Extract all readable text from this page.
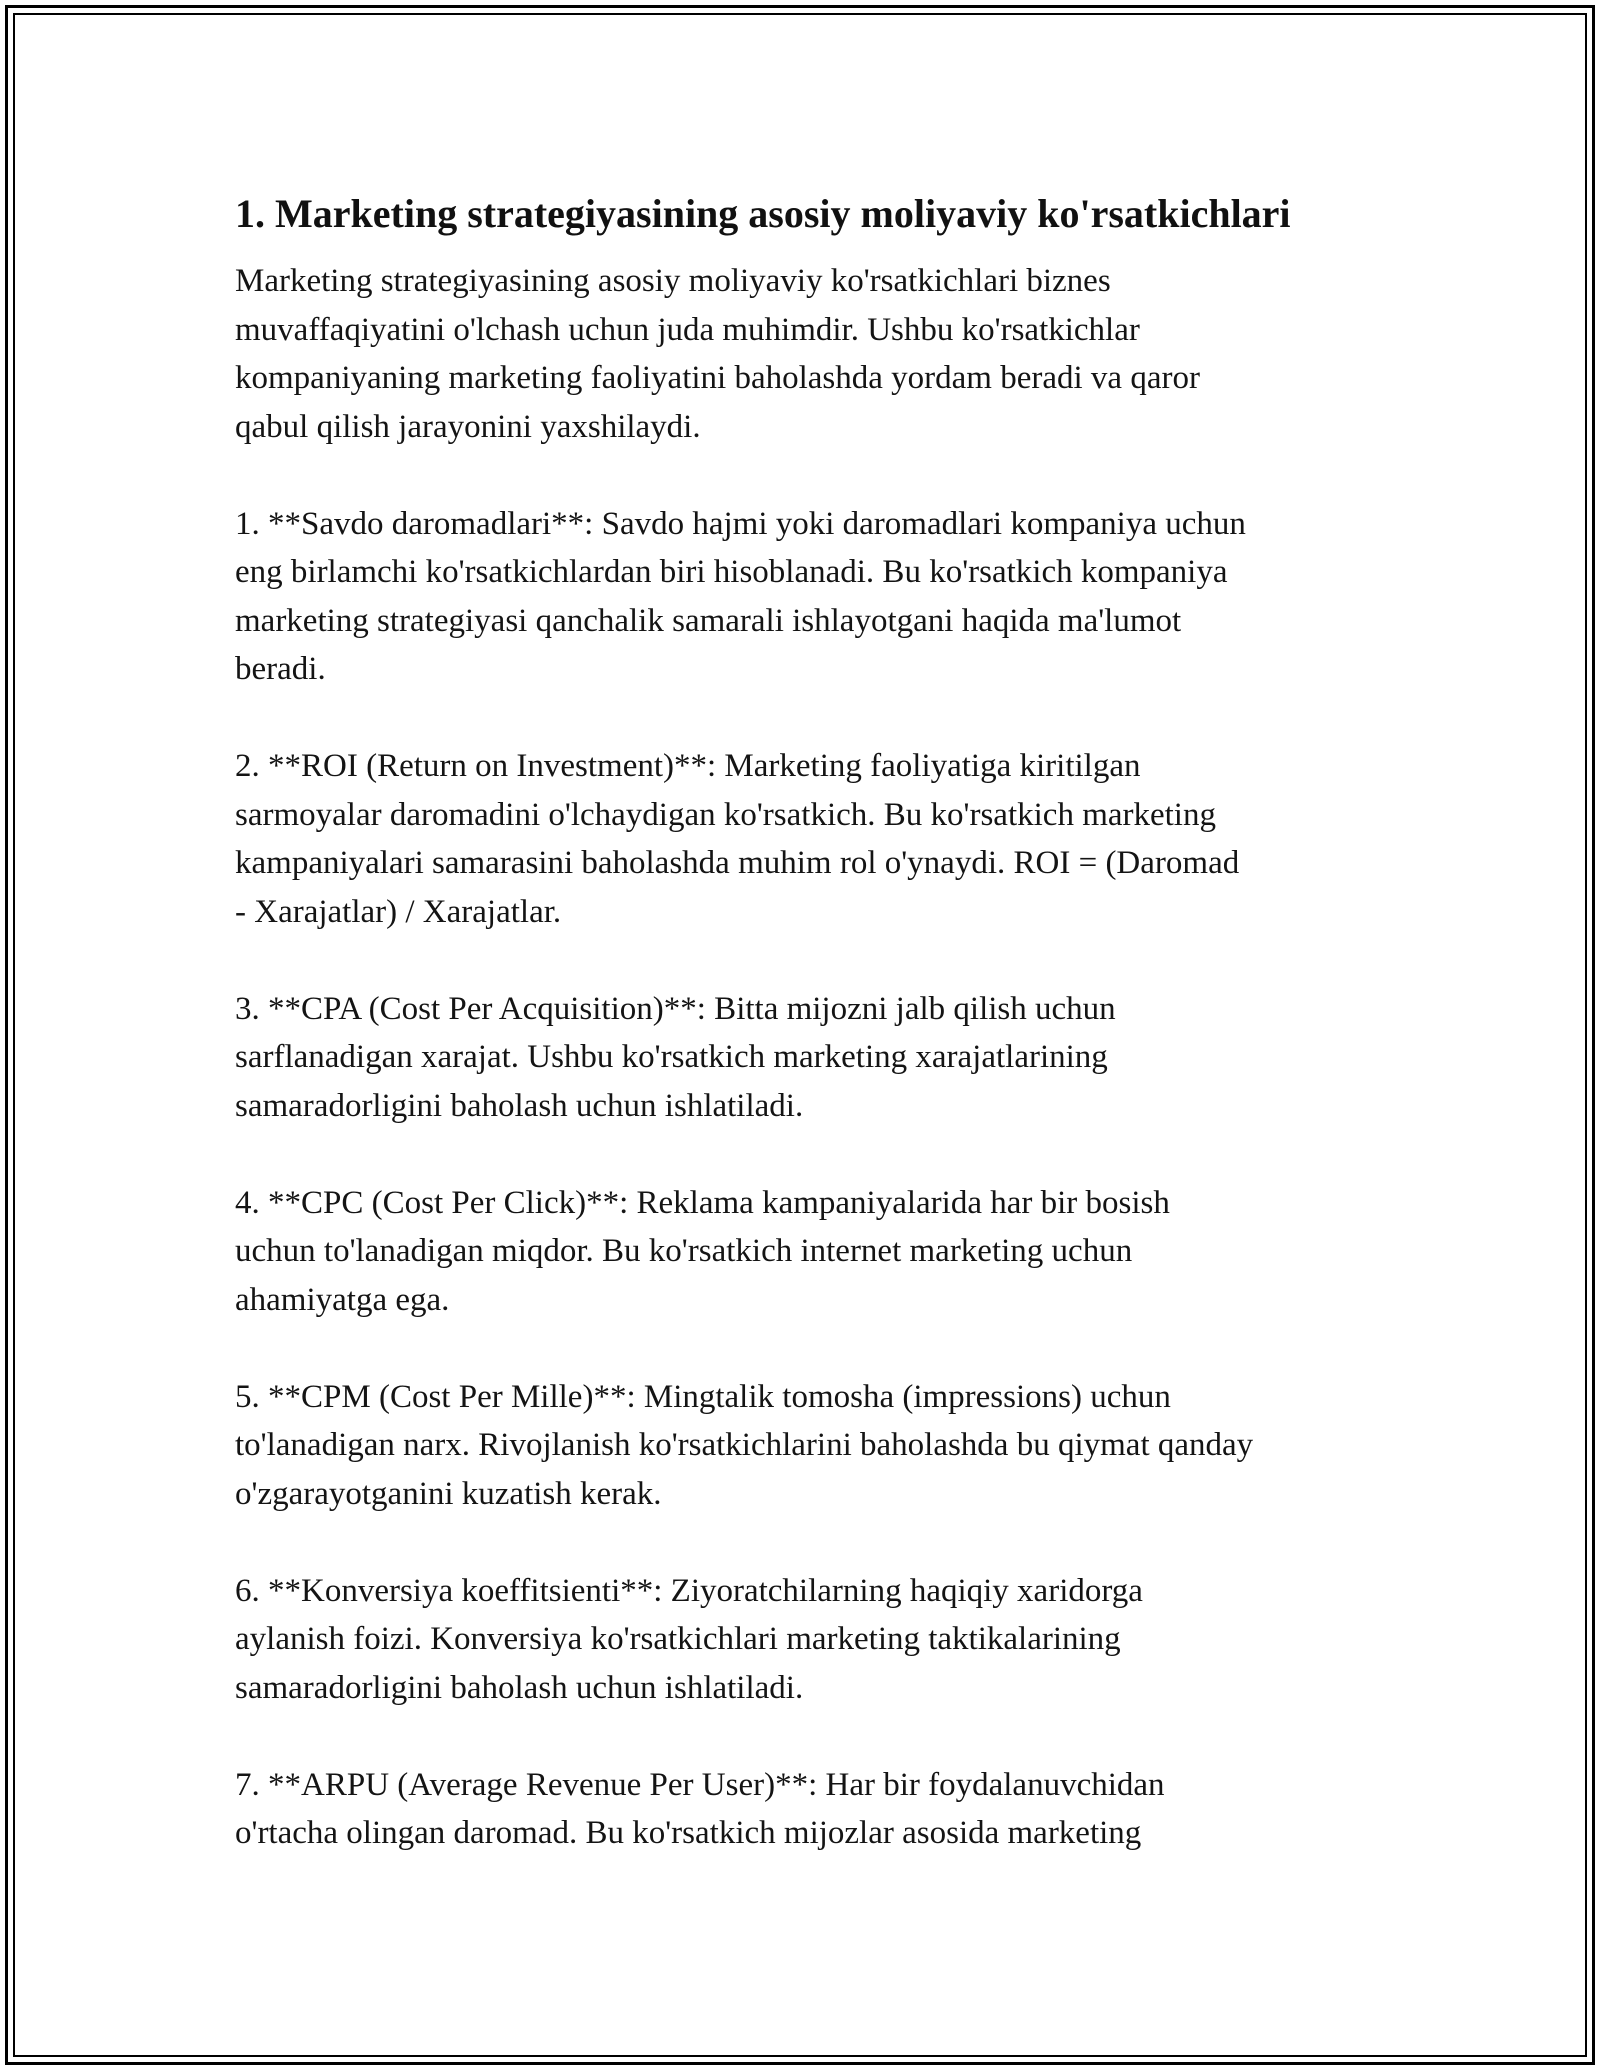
1. Marketing strategiyasining asosiy moliyaviy ko'rsatkichlari

Marketing strategiyasining asosiy moliyaviy ko'rsatkichlari biznes
muvaffaqiyatini o'lchash uchun juda muhimdir. Ushbu ko'rsatkichlar
kompaniyaning marketing faoliyatini baholashda yordam beradi va qaror
qabul qilish jarayonini yaxshilaydi.

1. **Savdo daromadlari**: Savdo hajmi yoki daromadlari kompaniya uchun
eng birlamchi ko'rsatkichlardan biri hisoblanadi. Bu ko'rsatkich kompaniya
marketing strategiyasi qanchalik samarali ishlayotgani haqida ma'lumot
beradi.

2. **ROI (Return on Investment)**: Marketing faoliyatiga kiritilgan
sarmoyalar daromadini o'lchaydigan ko'rsatkich. Bu ko'rsatkich marketing
kampaniyalari samarasini baholashda muhim rol o'ynaydi. ROI = (Daromad
- Xarajatlar) / Xarajatlar.

3. **CPA (Cost Per Acquisition)**: Bitta mijozni jalb qilish uchun
sarflanadigan xarajat. Ushbu ko'rsatkich marketing xarajatlarining
samaradorligini baholash uchun ishlatiladi.

4. **CPC (Cost Per Click)**: Reklama kampaniyalarida har bir bosish
uchun to'lanadigan miqdor. Bu ko'rsatkich internet marketing uchun
ahamiyatga ega.

5. **CPM (Cost Per Mille)**: Mingtalik tomosha (impressions) uchun
to'lanadigan narx. Rivojlanish ko'rsatkichlarini baholashda bu qiymat qanday
o'zgarayotganini kuzatish kerak.

6. **Konversiya koeffitsienti**: Ziyoratchilarning haqiqiy xaridorga
aylanish foizi. Konversiya ko'rsatkichlari marketing taktikalarining
samaradorligini baholash uchun ishlatiladi.

7. **ARPU (Average Revenue Per User)**: Har bir foydalanuvchidan
o'rtacha olingan daromad. Bu ko'rsatkich mijozlar asosida marketing
